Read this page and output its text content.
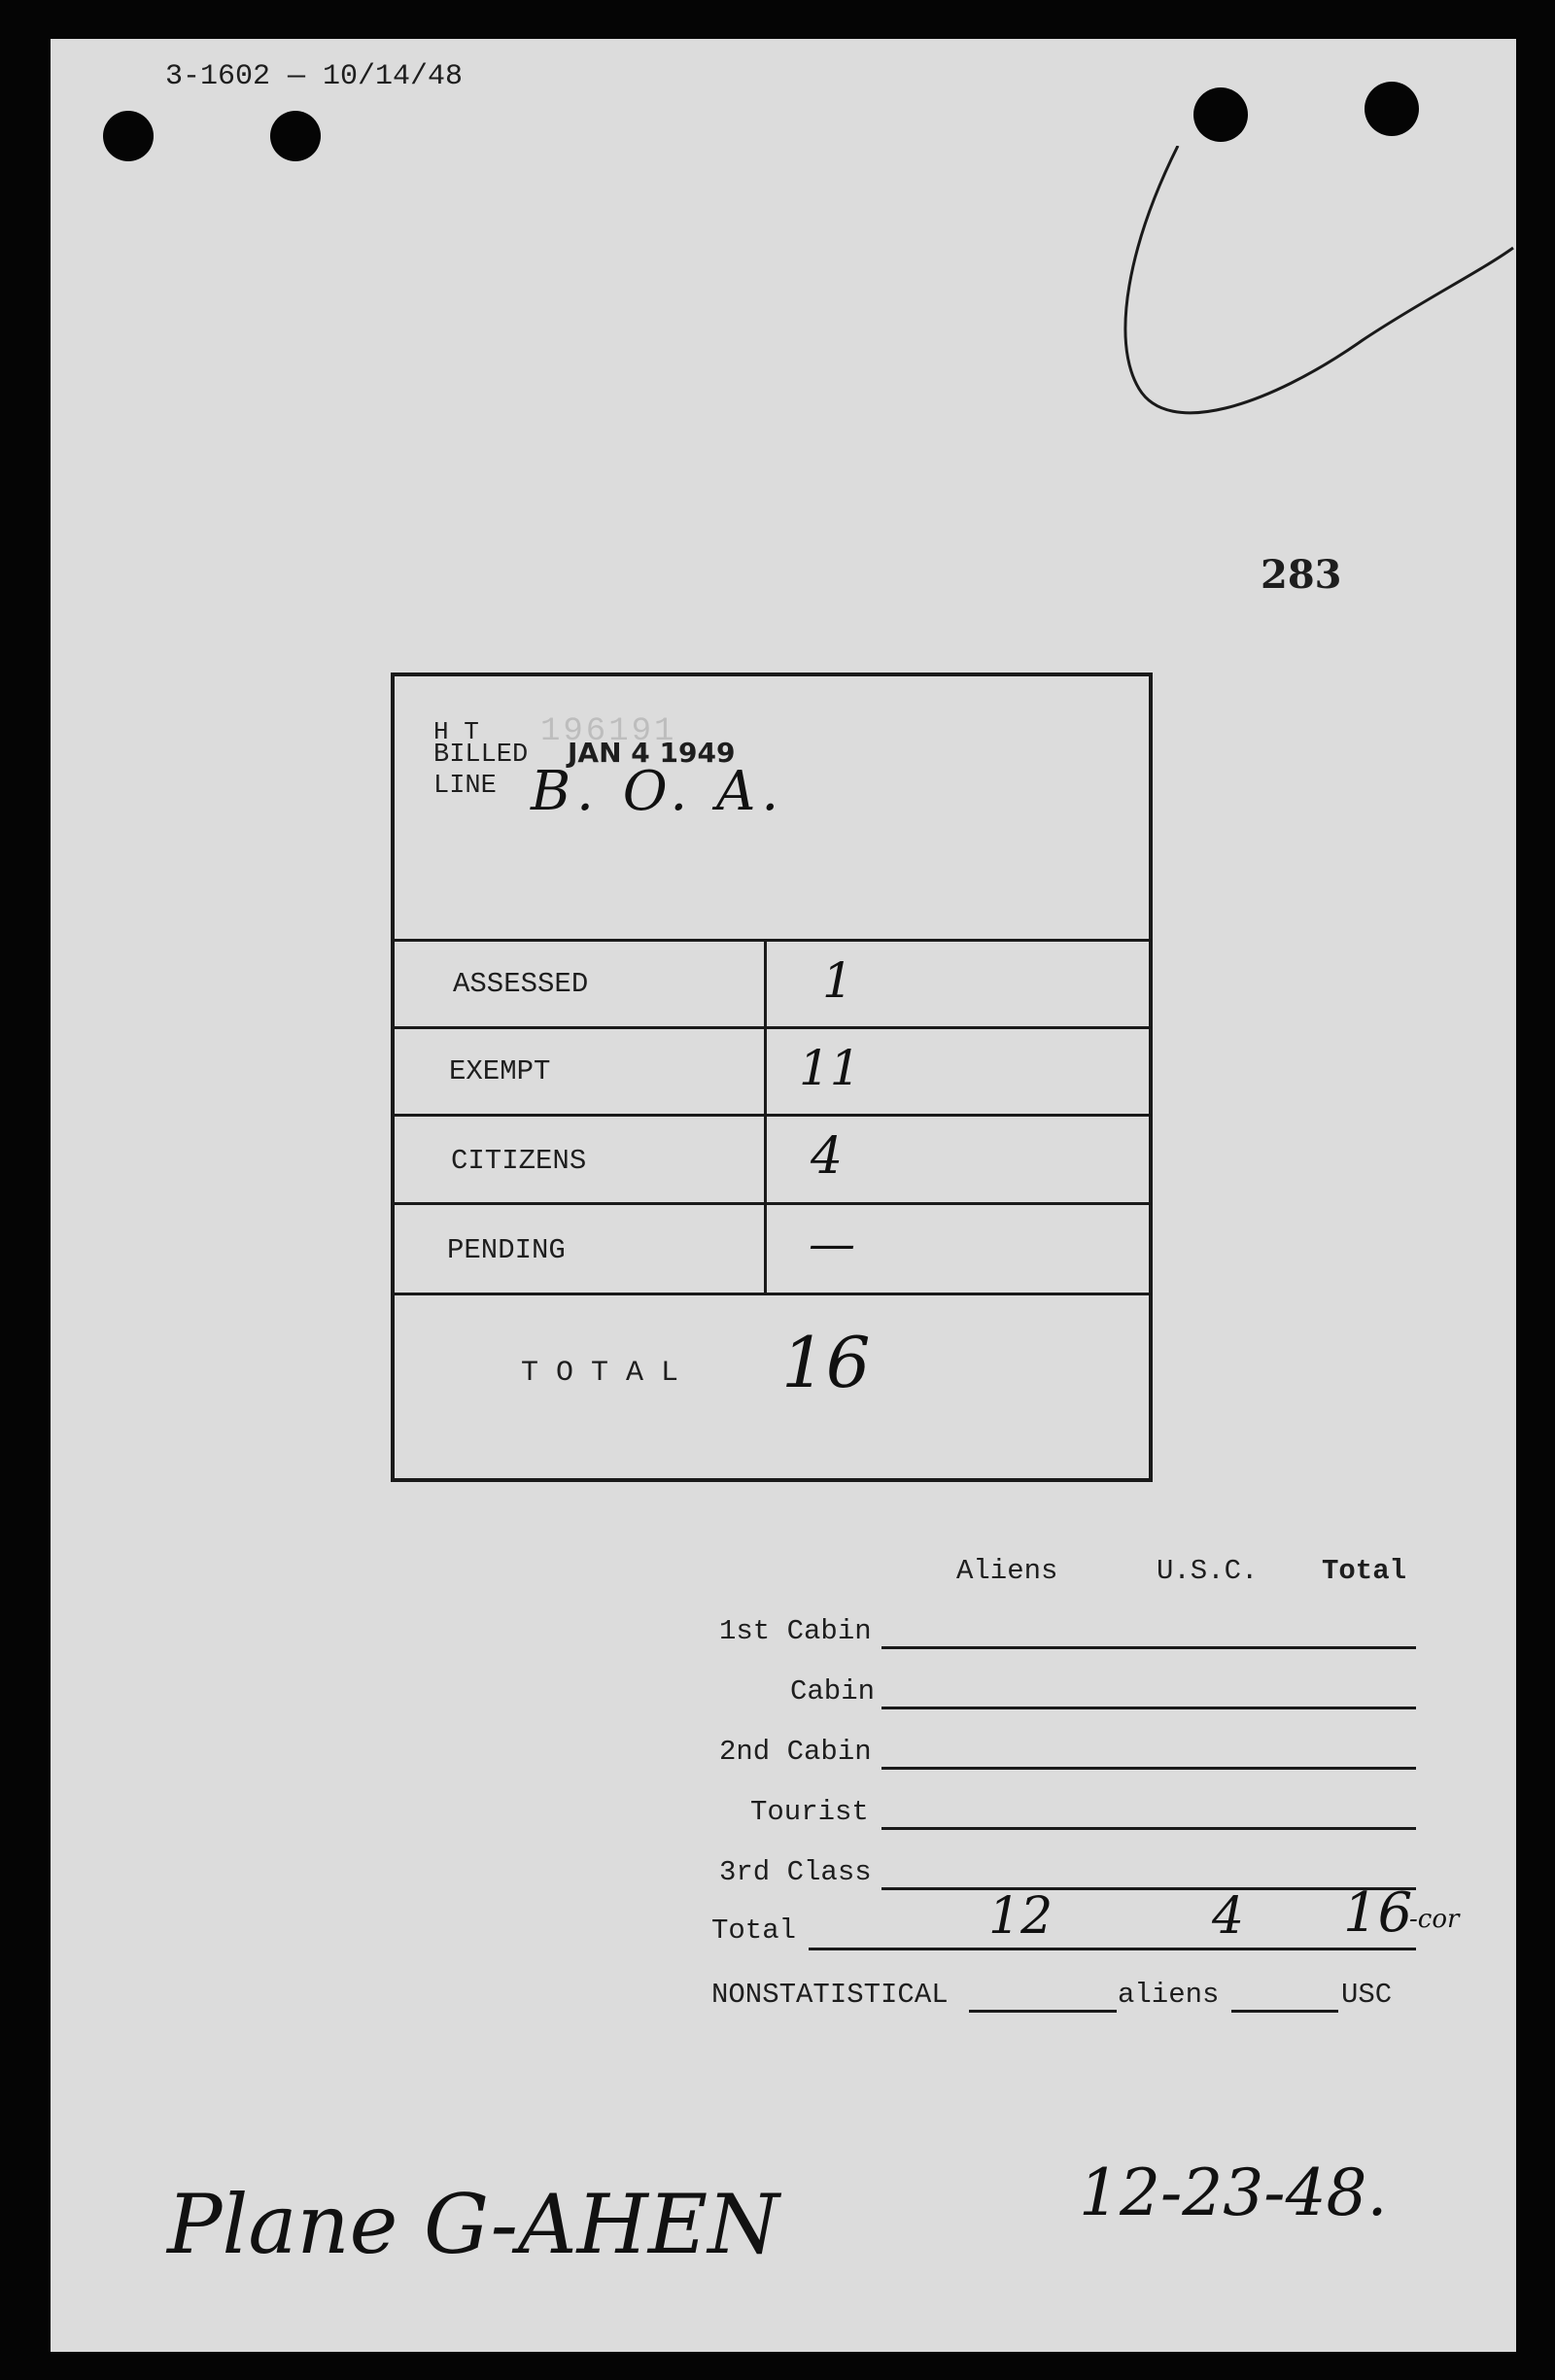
3-1602 — 10/14/48
283
196191
H T
BILLED JAN 4 1949
LINE B. O. A.
ASSESSED	1
EXEMPT	11
CITIZENS	4
PENDING	—
T O T A L 16
Aliens	U.S.C. Total
1st Cabin
Cabin
2nd Cabin
Tourist
3rd Class
Total	12	4 16
-cor
NONSTATISTICAL	aliens	USC
Plane G-AHEN	12-23-48.
